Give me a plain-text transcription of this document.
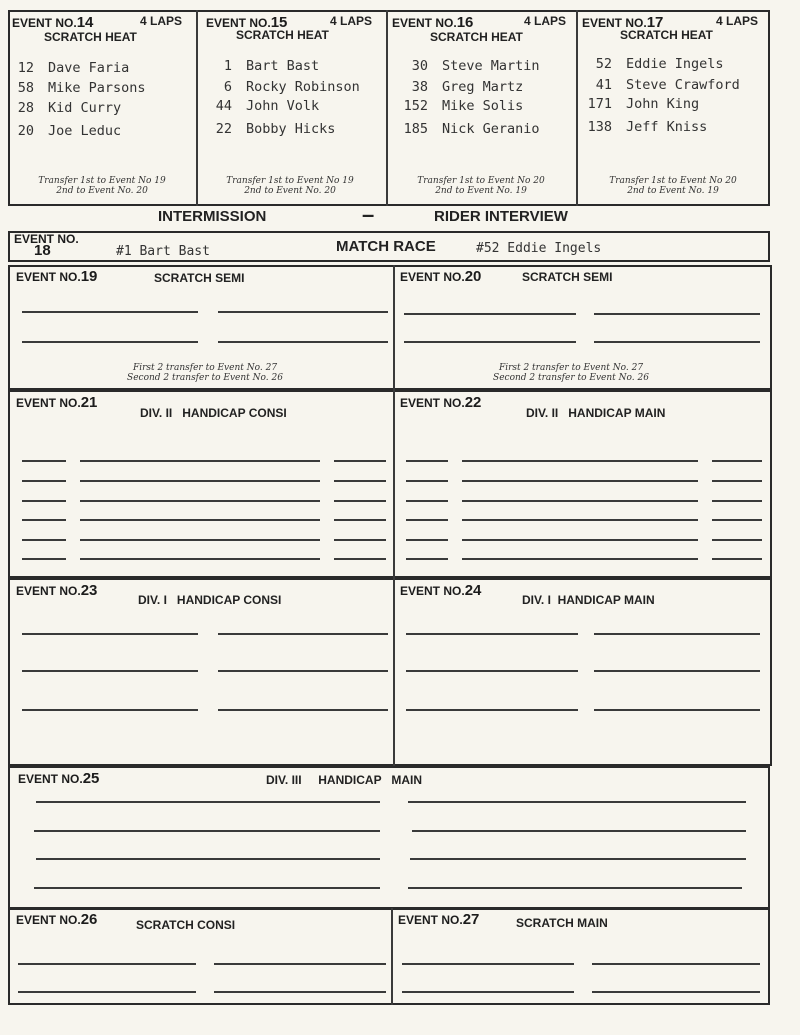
EVENT NO.14	4 LAPS
SCRATCH HEAT
12 Dave Faria
58 Mike Parsons
28 Kid Curry
20 Joe Leduc
Transfer 1st to Event No 19
2nd to Event No. 20
EVENT NO.15	4 LAPS
SCRATCH HEAT
1 Bart Bast
6 Rocky Robinson
44 John Volk
22 Bobby Hicks
Transfer 1st to Event No 19
2nd to Event No. 20
EVENT NO.16	4 LAPS
SCRATCH HEAT
30 Steve Martin
38 Greg Martz
152 Mike Solis
185 Nick Geranio
Transfer 1st to Event No 20
2nd to Event No. 19
EVENT NO.17	4 LAPS
SCRATCH HEAT
52 Eddie Ingels
41 Steve Crawford
171 John King
138 Jeff Kniss
Transfer 1st to Event No 20
2nd to Event No. 19
INTERMISSION	–	RIDER INTERVIEW
EVENT NO.
18	#1 Bart Bast	MATCH RACE	#52 Eddie Ingels
EVENT NO.19	SCRATCH SEMI
First 2 transfer to Event No. 27
Second 2 transfer to Event No. 26
EVENT NO.20	SCRATCH SEMI
First 2 transfer to Event No. 27
Second 2 transfer to Event No. 26
EVENT NO.21
DIV. II   HANDICAP CONSI
EVENT NO.22
DIV. II   HANDICAP MAIN
EVENT NO.23
DIV. I   HANDICAP CONSI
EVENT NO.24
DIV. I  HANDICAP MAIN
EVENT NO.25	DIV. III     HANDICAP   MAIN
EVENT NO.26	SCRATCH CONSI	EVENT NO.27	SCRATCH MAIN
